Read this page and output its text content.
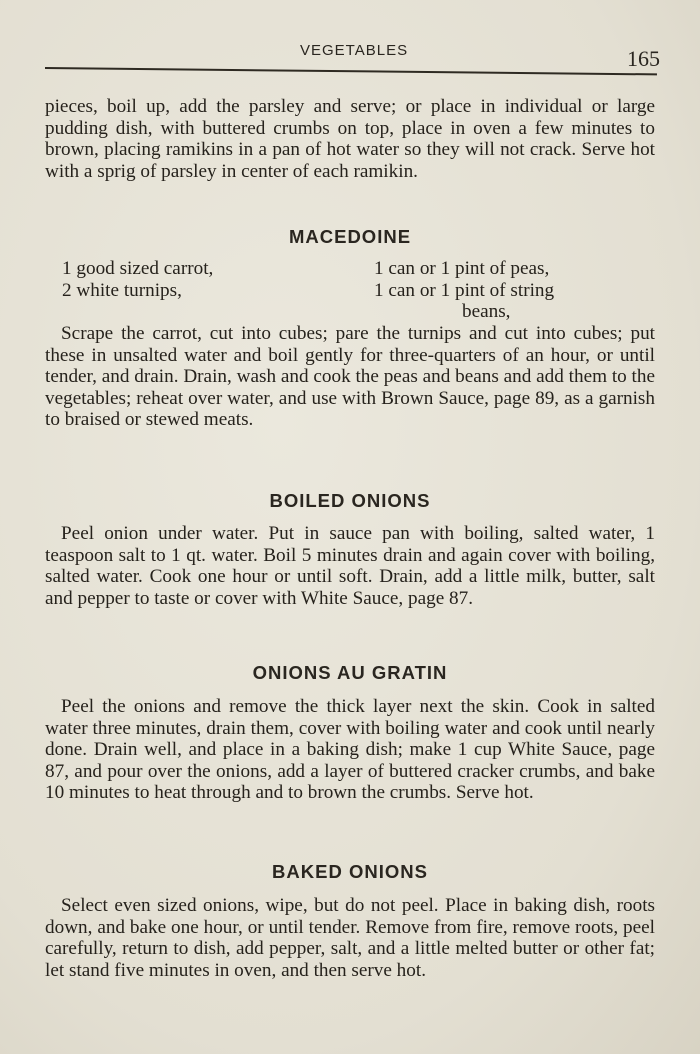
VEGETABLES	165

pieces, boil up, add the parsley and serve; or place in individual or large pudding dish, with buttered crumbs on top, place in oven a few minutes to brown, placing ramikins in a pan of hot water so they will not crack. Serve hot with a sprig of parsley in center of each ramikin.

MACEDOINE
1 good sized carrot,
2 white turnips,
1 can or 1 pint of peas,
1 can or 1 pint of string
beans,

Scrape the carrot, cut into cubes; pare the turnips and cut into cubes; put these in unsalted water and boil gently for three-quarters of an hour, or until tender, and drain. Drain, wash and cook the peas and beans and add them to the vegetables; reheat over water, and use with Brown Sauce, page 89, as a garnish to braised or stewed meats.

BOILED ONIONS

Peel onion under water. Put in sauce pan with boiling, salted water, 1 teaspoon salt to 1 qt. water. Boil 5 minutes drain and again cover with boiling, salted water. Cook one hour or until soft. Drain, add a little milk, butter, salt and pepper to taste or cover with White Sauce, page 87.

ONIONS AU GRATIN

Peel the onions and remove the thick layer next the skin. Cook in salted water three minutes, drain them, cover with boiling water and cook until nearly done. Drain well, and place in a baking dish; make 1 cup White Sauce, page 87, and pour over the onions, add a layer of buttered cracker crumbs, and bake 10 minutes to heat through and to brown the crumbs. Serve hot.

BAKED ONIONS

Select even sized onions, wipe, but do not peel. Place in baking dish, roots down, and bake one hour, or until tender. Remove from fire, remove roots, peel carefully, return to dish, add pepper, salt, and a little melted butter or other fat; let stand five minutes in oven, and then serve hot.
